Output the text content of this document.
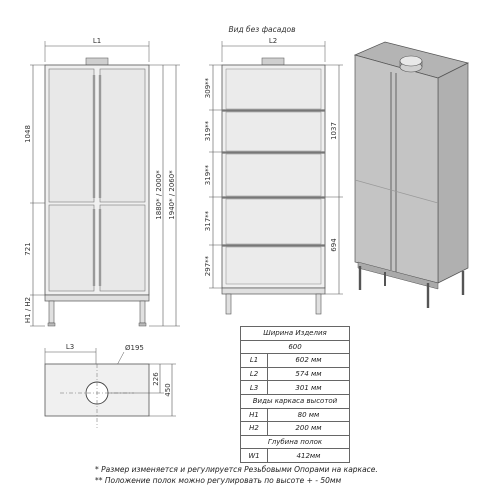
L1
1048
721
H1 / H2
1880* / 2000* 1940* / 2060*
Вид без фасадов
L2
309**
319**
319**
317**
297**
1037
694
L3	Ø195
226
450
Ширина Изделия	
600	
L1	602 мм
L2	574 мм
L3	301 мм
Виды каркаса высотой	
H1	80 мм
H2	200 мм
Глубина полок	
W1	412мм
* Размер изменяется и регулируется Резьбовыми Опорами на каркасе.
** Положение полок можно регулировать по высоте + - 50мм
